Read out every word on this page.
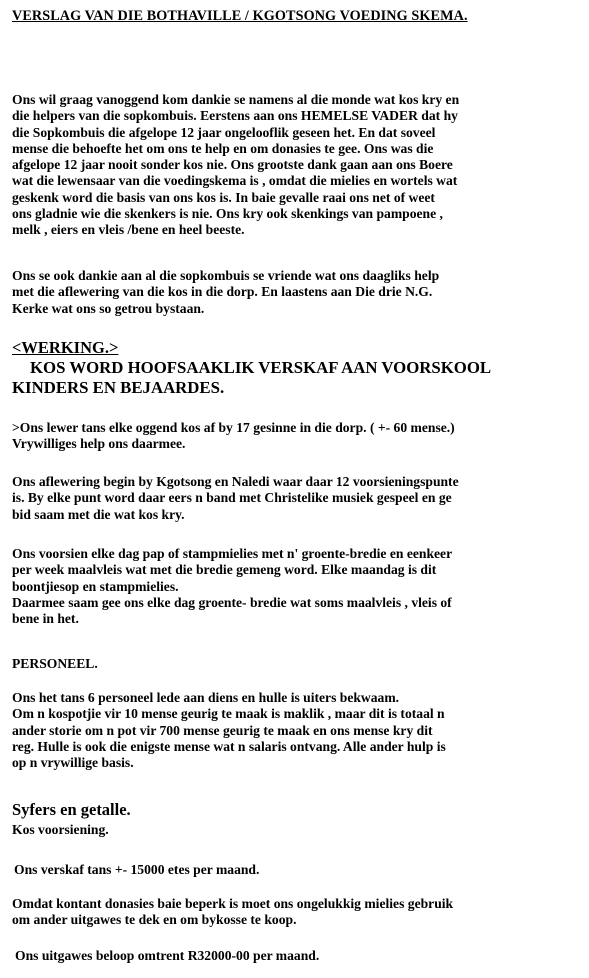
VERSLAG VAN DIE BOTHAVILLE / KGOTSONG VOEDING SKEMA.
Ons wil graag vanoggend kom dankie se namens al die monde wat kos kry en
die helpers van die sopkombuis. Eerstens aan ons HEMELSE VADER dat hy
die Sopkombuis die afgelope 12 jaar ongelooflik geseen het. En dat soveel
mense die behoefte het om ons te help en om donasies te gee. Ons was die
afgelope 12 jaar nooit sonder kos nie. Ons grootste dank gaan aan ons Boere
wat die lewensaar van die voedingskema is , omdat die mielies en wortels wat
geskenk word die basis van ons kos is. In baie gevalle raai ons net of weet
ons gladnie wie die skenkers is nie. Ons kry ook skenkings van pampoene ,
melk , eiers en vleis /bene en heel beeste.
Ons se ook dankie aan al die sopkombuis se vriende wat ons daagliks help
met die aflewering van die kos in die dorp. En laastens aan Die drie N.G.
Kerke wat ons so getrou bystaan.
<WERKING.>
KOS WORD HOOFSAAKLIK VERSKAF AAN VOORSKOOL
KINDERS EN BEJAARDES.
>Ons lewer tans elke oggend kos af by 17 gesinne in die dorp. ( +- 60 mense.)
Vrywilliges help ons daarmee.
Ons aflewering begin by Kgotsong en Naledi waar daar 12 voorsieningspunte
is. By elke punt word daar eers n band met Christelike musiek gespeel en ge
bid saam met die wat kos kry.
Ons voorsien elke dag pap of stampmielies met n' groente-bredie en eenkeer
per week maalvleis wat met die bredie gemeng word. Elke maandag is dit
boontjiesop en stampmielies.
Daarmee saam gee ons elke dag groente- bredie wat soms maalvleis , vleis of
bene in het.
PERSONEEL.
Ons het tans 6 personeel lede aan diens en hulle is uiters bekwaam.
Om n kospotjie vir 10 mense geurig te maak is maklik , maar dit is totaal n
ander storie om n pot vir 700 mense geurig te maak en ons mense kry dit
reg. Hulle is ook die enigste mense wat n salaris ontvang. Alle ander hulp is
op n vrywillige basis.
Syfers en getalle.
Kos voorsiening.
Ons verskaf tans +- 15000 etes per maand.
Omdat kontant donasies baie beperk is moet ons ongelukkig mielies gebruik
om ander uitgawes te dek en om bykosse te koop.
Ons uitgawes beloop omtrent R32000-00 per maand.
